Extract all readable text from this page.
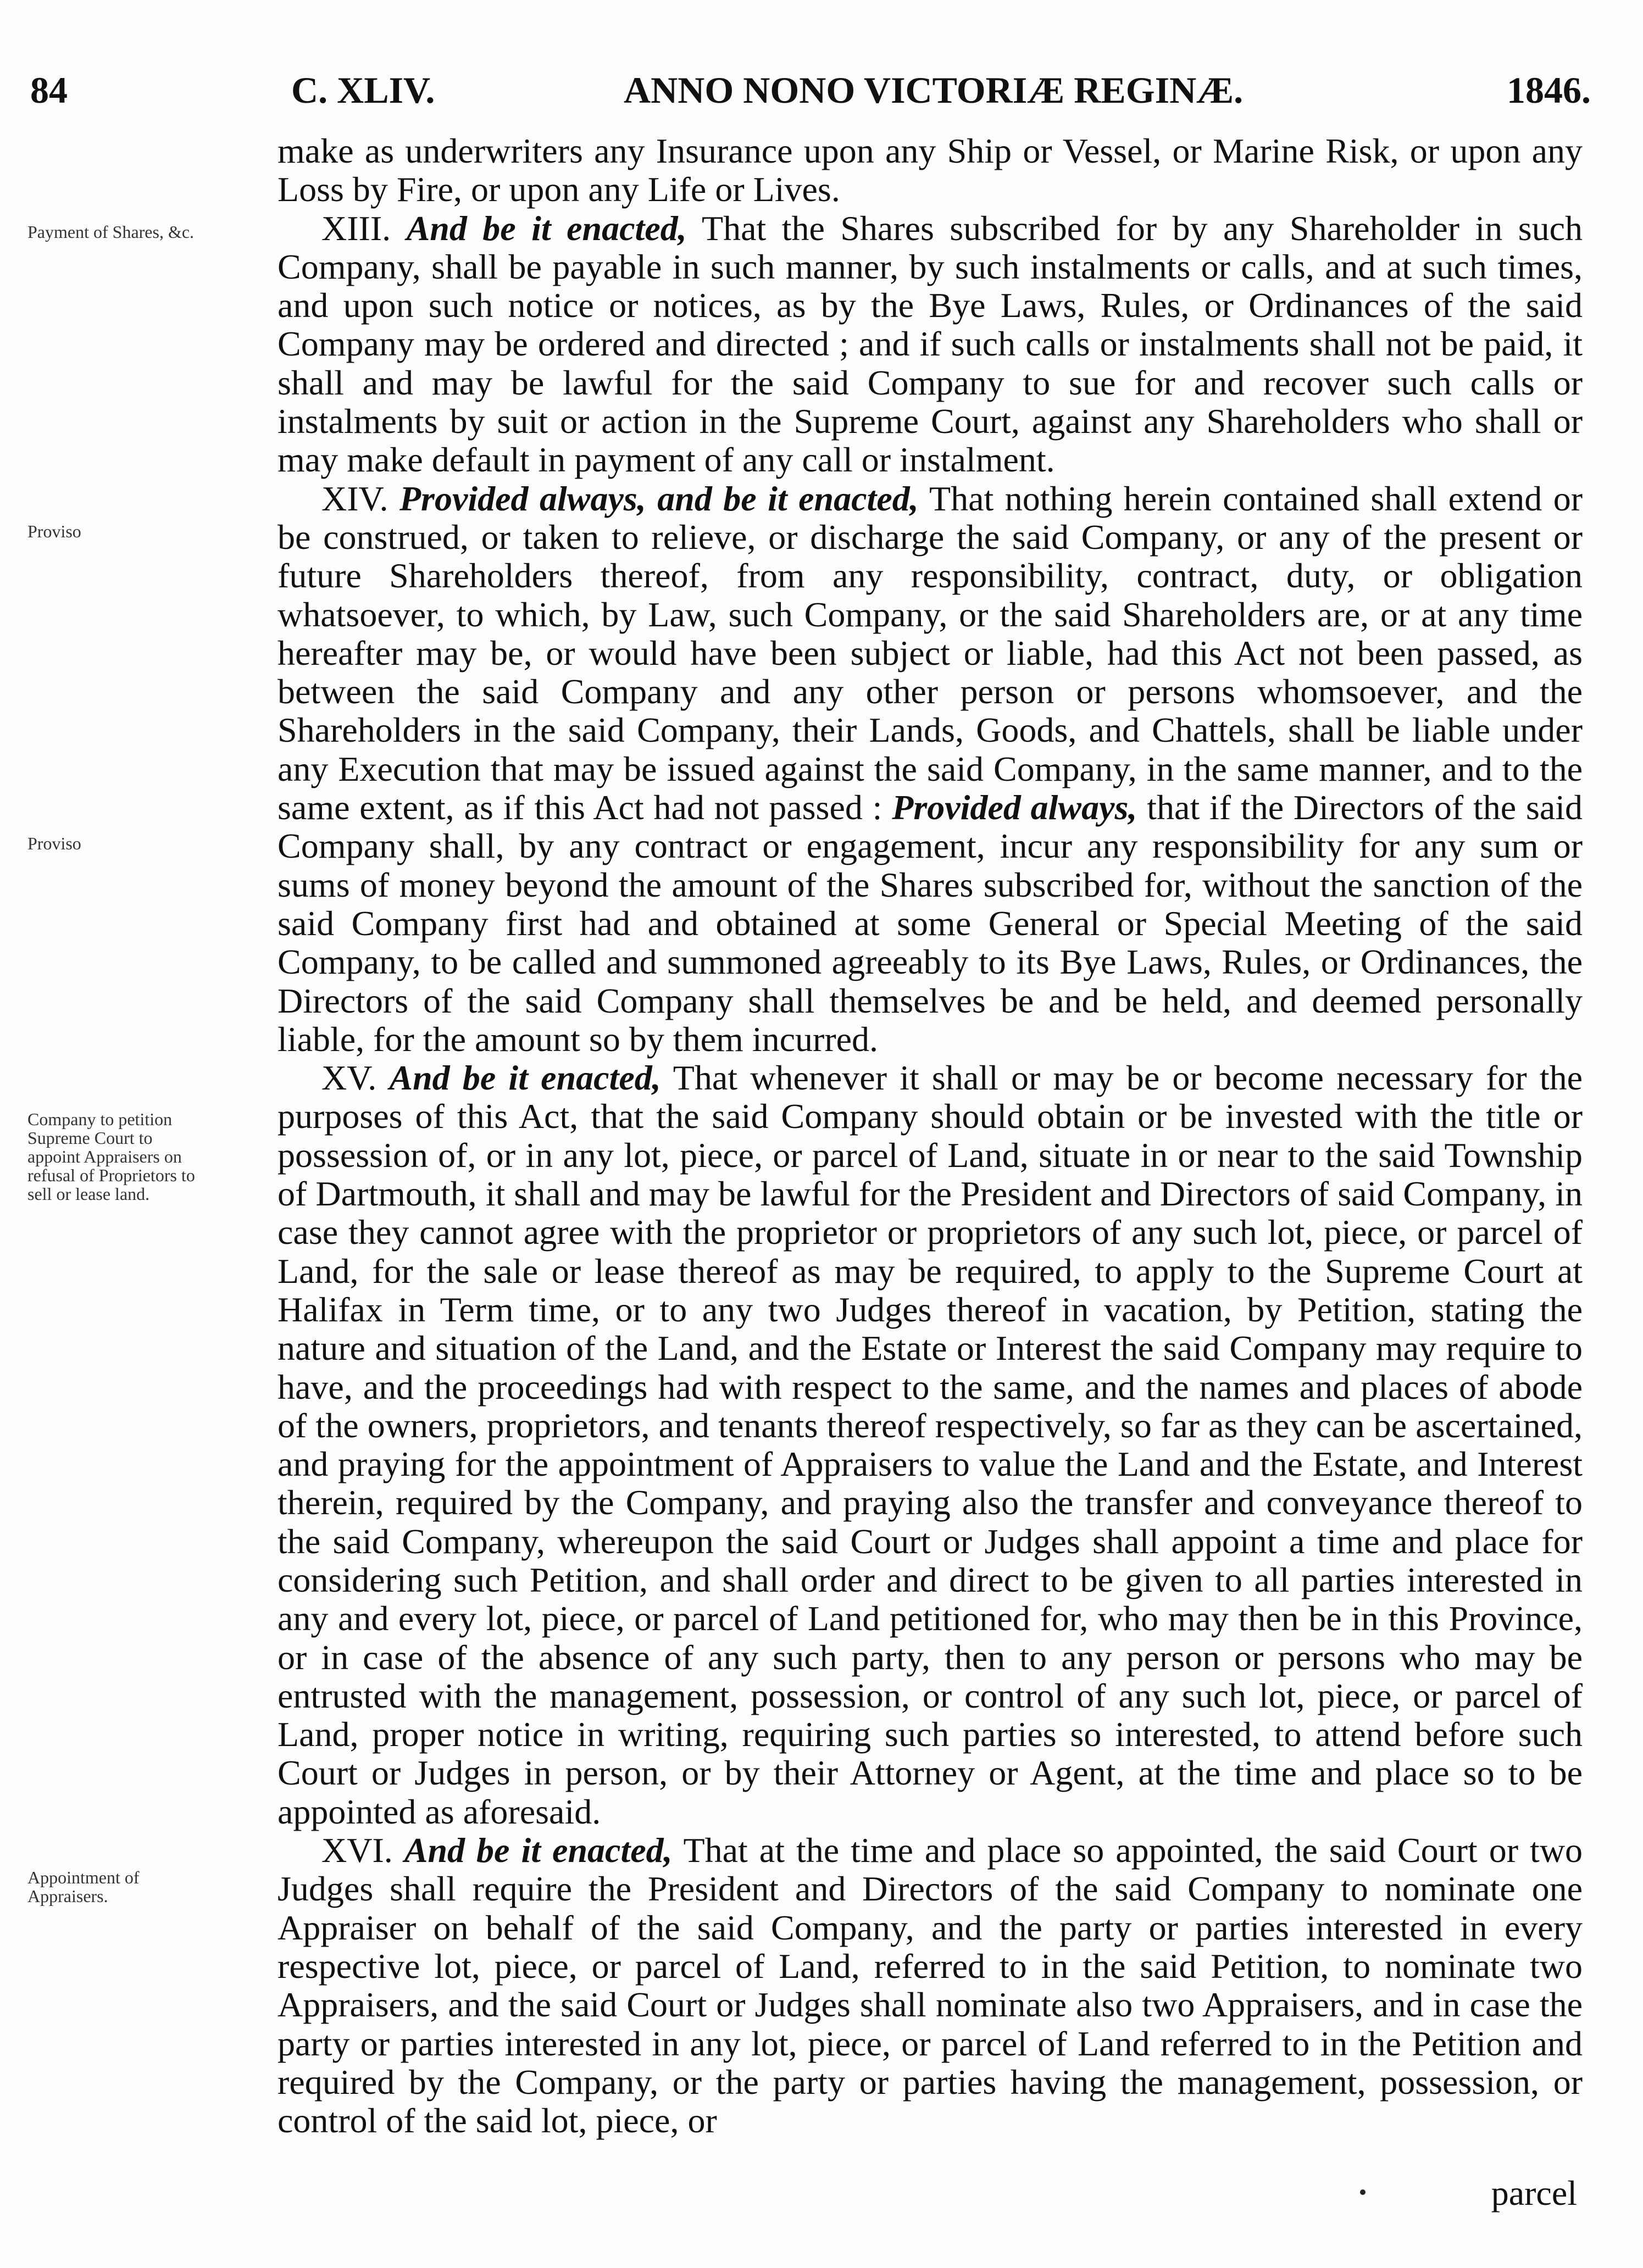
84	C. XLIV.	ANNO NONO VICTORIÆ REGINÆ.	1846.
Payment of Shares, &c.
Proviso
Proviso
Company to petition Supreme Court to appoint Appraisers on refusal of Proprietors to sell or lease land.
Appointment of Appraisers.

make as underwriters any Insurance upon any Ship or Vessel, or Marine Risk, or upon any Loss by Fire, or upon any Life or Lives.

XIII. And be it enacted, That the Shares subscribed for by any Shareholder in such Company, shall be payable in such manner, by such instalments or calls, and at such times, and upon such notice or notices, as by the Bye Laws, Rules, or Ordinances of the said Company may be ordered and directed ; and if such calls or instalments shall not be paid, it shall and may be lawful for the said Company to sue for and recover such calls or instalments by suit or action in the Supreme Court, against any Shareholders who shall or may make default in payment of any call or instalment.

XIV. Provided always, and be it enacted, That nothing herein contained shall extend or be construed, or taken to relieve, or discharge the said Company, or any of the present or future Shareholders thereof, from any responsibility, contract, duty, or obligation whatsoever, to which, by Law, such Company, or the said Shareholders are, or at any time hereafter may be, or would have been subject or liable, had this Act not been passed, as between the said Company and any other person or persons whomsoever, and the Shareholders in the said Company, their Lands, Goods, and Chattels, shall be liable under any Execution that may be issued against the said Company, in the same manner, and to the same extent, as if this Act had not passed : Provided always, that if the Directors of the said Company shall, by any contract or engagement, incur any responsibility for any sum or sums of money beyond the amount of the Shares subscribed for, without the sanction of the said Company first had and obtained at some General or Special Meeting of the said Company, to be called and summoned agreeably to its Bye Laws, Rules, or Ordinances, the Directors of the said Company shall themselves be and be held, and deemed personally liable, for the amount so by them incurred.

XV. And be it enacted, That whenever it shall or may be or become necessary for the purposes of this Act, that the said Company should obtain or be invested with the title or possession of, or in any lot, piece, or parcel of Land, situate in or near to the said Township of Dartmouth, it shall and may be lawful for the President and Directors of said Company, in case they cannot agree with the proprietor or proprietors of any such lot, piece, or parcel of Land, for the sale or lease thereof as may be required, to apply to the Supreme Court at Halifax in Term time, or to any two Judges thereof in vacation, by Petition, stating the nature and situation of the Land, and the Estate or Interest the said Company may require to have, and the proceedings had with respect to the same, and the names and places of abode of the owners, proprietors, and tenants thereof respectively, so far as they can be ascertained, and praying for the appointment of Appraisers to value the Land and the Estate, and Interest therein, required by the Company, and praying also the transfer and conveyance thereof to the said Company, whereupon the said Court or Judges shall appoint a time and place for considering such Petition, and shall order and direct to be given to all parties interested in any and every lot, piece, or parcel of Land petitioned for, who may then be in this Province, or in case of the absence of any such party, then to any person or persons who may be entrusted with the management, possession, or control of any such lot, piece, or parcel of Land, proper notice in writing, requiring such parties so interested, to attend before such Court or Judges in person, or by their Attorney or Agent, at the time and place so to be appointed as aforesaid.

XVI. And be it enacted, That at the time and place so appointed, the said Court or two Judges shall require the President and Directors of the said Company to nominate one Appraiser on behalf of the said Company, and the party or parties interested in every respective lot, piece, or parcel of Land, referred to in the said Petition, to nominate two Appraisers, and the said Court or Judges shall nominate also two Appraisers, and in case the party or parties interested in any lot, piece, or parcel of Land referred to in the Petition and required by the Company, or the party or parties having the management, possession, or control of the said lot, piece, or

parcel
